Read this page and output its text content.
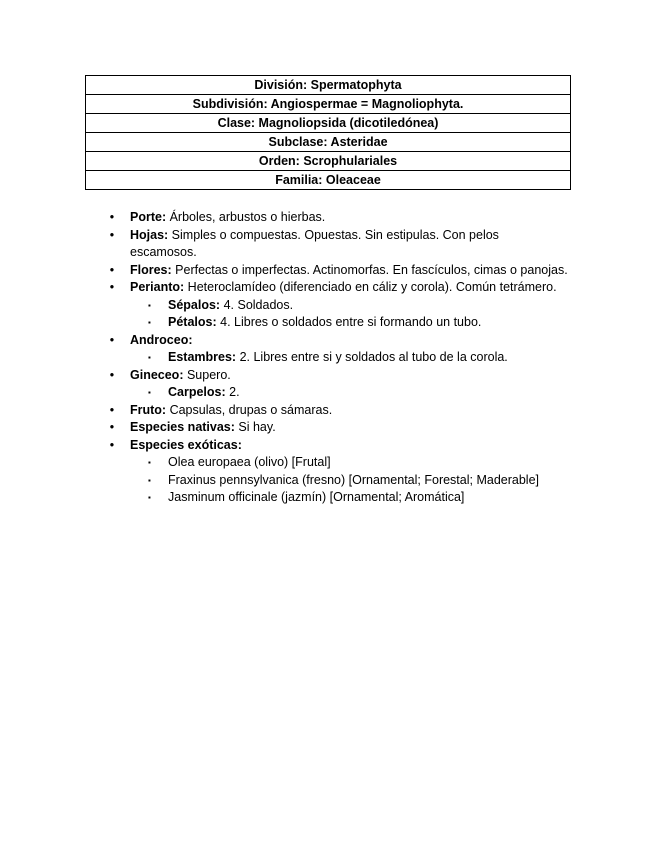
División: Spermatophyta
Subdivisión: Angiospermae = Magnoliophyta.
Clase: Magnoliopsida (dicotiledónea)
Subclase: Asteridae
Orden: Scrophulariales
Familia: Oleaceae
• Porte: Árboles, arbustos o hierbas.
• Hojas: Simples o compuestas. Opuestas. Sin estipulas. Con pelos escamosos.
• Flores: Perfectas o imperfectas. Actinomorfas. En fascículos, cimas o panojas.
• Perianto: Heteroclamídeo (diferenciado en cáliz y corola). Común tetrámero.
▪ Sépalos: 4. Soldados.
▪ Pétalos: 4. Libres o soldados entre si formando un tubo.
• Androceo:
▪ Estambres: 2. Libres entre si y soldados al tubo de la corola.
• Gineceo: Supero.
▪ Carpelos: 2.
• Fruto: Capsulas, drupas o sámaras.
• Especies nativas: Si hay.
• Especies exóticas:
▪ Olea europaea (olivo) [Frutal]
▪ Fraxinus pennsylvanica (fresno) [Ornamental; Forestal; Maderable]
▪ Jasminum officinale (jazmín) [Ornamental; Aromática]
